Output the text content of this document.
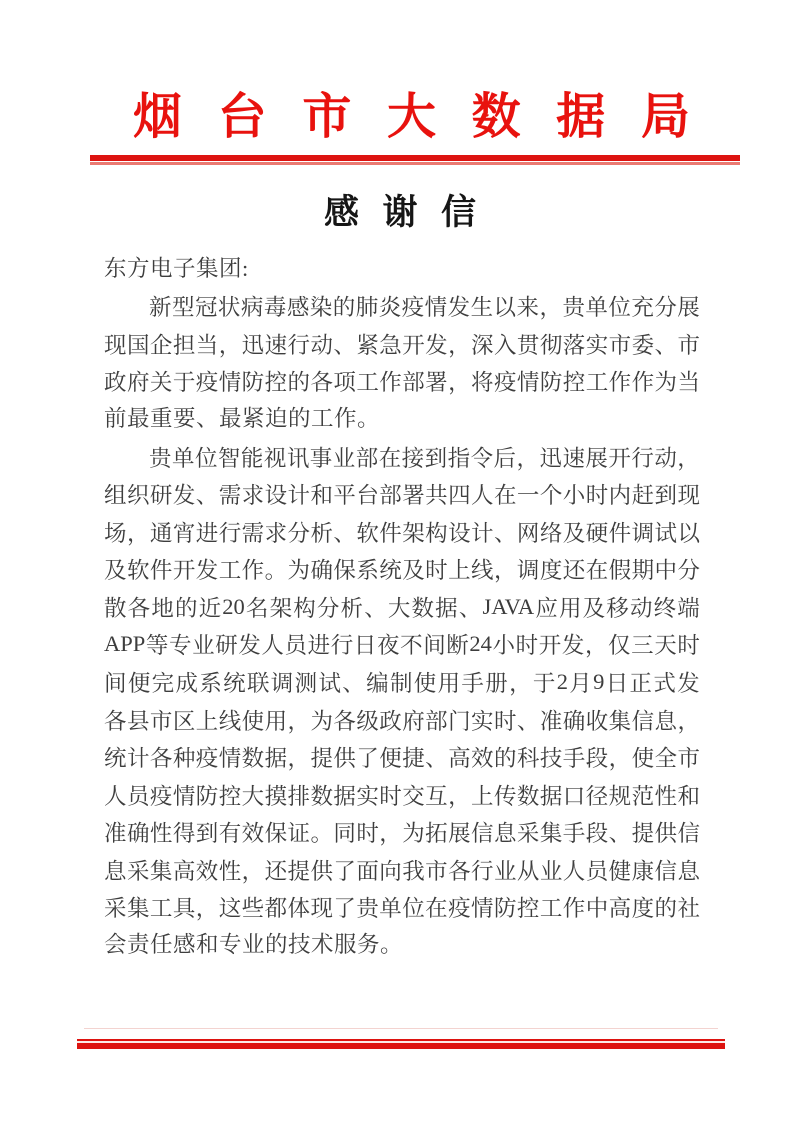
烟 台 市 大 数 据 局
感 谢 信
东方电子集团:
新 型 冠 状 病 毒 感 染 的 肺 炎 疫 情 发 生 以 来 ， 贵 单 位 充 分 展
现 国 企 担 当 ， 迅 速 行 动 、 紧 急 开 发 ， 深 入 贯 彻 落 实 市 委 、 市
政 府 关 于 疫 情 防 控 的 各 项 工 作 部 署 ， 将 疫 情 防 控 工 作 作 为 当
前最重要、最紧迫的工作。
贵 单 位 智 能 视 讯 事 业 部 在 接 到 指 令 后 ， 迅 速 展 开 行 动 ，
组 织 研 发 、 需 求 设 计 和 平 台 部 署 共 四 人 在 一 个 小 时 内 赶 到 现
场 ， 通 宵 进 行 需 求 分 析 、 软 件 架 构 设 计 、 网 络 及 硬 件 调 试 以
及 软 件 开 发 工 作 。 为 确 保 系 统 及 时 上 线 ， 调 度 还 在 假 期 中 分
散 各 地 的 近 20 名 架 构 分 析 、 大 数 据 、 JAVA 应 用 及 移 动 终 端
APP 等 专 业 研 发 人 员 进 行 日 夜 不 间 断 24 小 时 开 发 ， 仅 三 天 时
间 便 完 成 系 统 联 调 测 试 、 编 制 使 用 手 册 ， 于 2 月 9 日 正 式 发
各 县 市 区 上 线 使 用 ， 为 各 级 政 府 部 门 实 时 、 准 确 收 集 信 息 ，
统 计 各 种 疫 情 数 据 ， 提 供 了 便 捷 、 高 效 的 科 技 手 段 ， 使 全 市
人 员 疫 情 防 控 大 摸 排 数 据 实 时 交 互 ， 上 传 数 据 口 径 规 范 性 和
准 确 性 得 到 有 效 保 证 。 同 时 ， 为 拓 展 信 息 采 集 手 段 、 提 供 信
息 采 集 高 效 性 ， 还 提 供 了 面 向 我 市 各 行 业 从 业 人 员 健 康 信 息
采 集 工 具 ， 这 些 都 体 现 了 贵 单 位 在 疫 情 防 控 工 作 中 高 度 的 社
会责任感和专业的技术服务。
